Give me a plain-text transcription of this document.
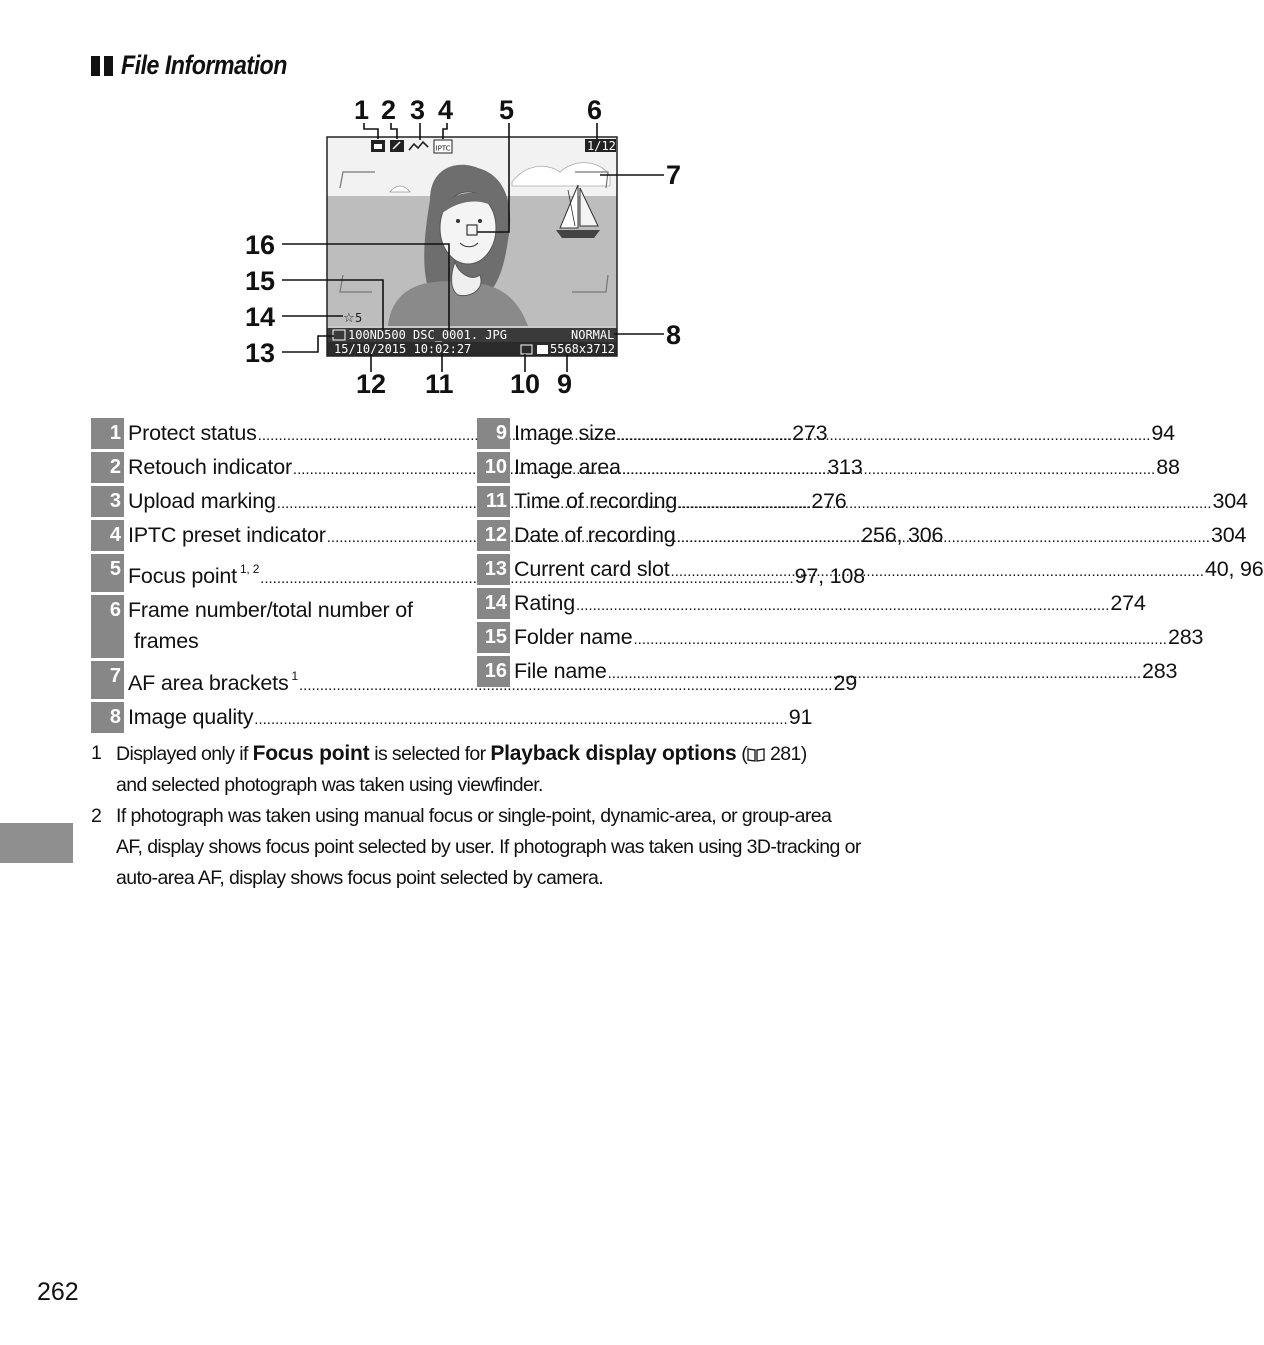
File Information
IPTC	1/12
☆ 5
100ND500 DSC_0001. JPG	NORMAL
15/10/2015 10:02:27	5568x3712
1 2 3 4 5	6
7
8
9
10
11
12
13
14
15
16
1 Protect status .....	273
2 Retouch indicator .....	313
3 Upload marking .....	276
4 IPTC preset indicator .....	256, 306
5 Focus point $^{1, 2}$ .....	97, 108
6 Frame number/total number of
frames
7 AF area brackets $^1$ .....	29
8 Image quality .....	91
9 Image size .....	94
10 Image area .....	88
11 Time of recording .....	304
12 Date of recording .....	304
13 Current card slot .....	40, 96
14 Rating .....	274
15 Folder name .....	283
16 File name .....	283
1 Displayed only if Focus point is selected for Playback display options ( 281)
and selected photograph was taken using viewfinder.
2 If photograph was taken using manual focus or single-point, dynamic-area, or group-area AF, display shows focus point selected by user. If photograph was taken using 3D-tracking or auto-area AF, display shows focus point selected by camera.
262
